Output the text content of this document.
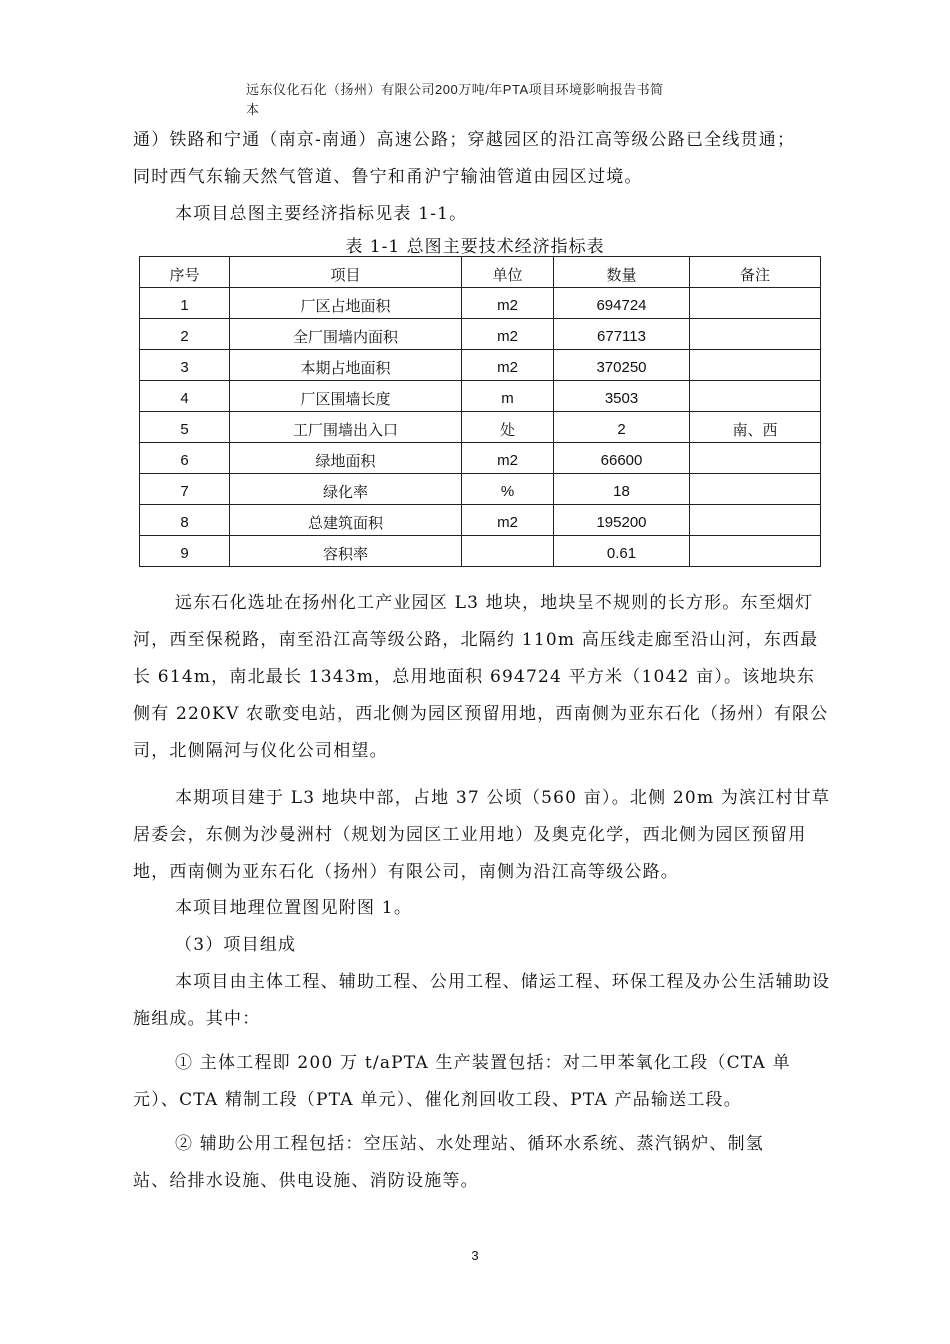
远东仪化石化（扬州）有限公司200万吨/年PTA项目环境影响报告书简
本

通）铁路和宁通（南京-南通）高速公路；穿越园区的沿江高等级公路已全线贯通；

同时西气东输天然气管道、鲁宁和甬沪宁输油管道由园区过境。

本项目总图主要经济指标见表 1-1。

表 1-1 总图主要技术经济指标表
序号	项目	单位	数量	备注
1	厂区占地面积	m2	694724	
2	全厂围墙内面积	m2	677113	
3	本期占地面积	m2	370250	
4	厂区围墙长度	m	3503	
5	工厂围墙出入口	处	2	南、西
6	绿地面积	m2	66600	
7	绿化率	%	18	
8	总建筑面积	m2	195200	
9	容积率		0.61	
远东石化选址在扬州化工产业园区 L3 地块，地块呈不规则的长方形。东至烟灯河，西至保税路，南至沿江高等级公路，北隔约 110m 高压线走廊至沿山河，东西最长 614m，南北最长 1343m，总用地面积 694724 平方米（1042 亩）。该地块东侧有 220KV 农歌变电站，西北侧为园区预留用地，西南侧为亚东石化（扬州）有限公司，北侧隔河与仪化公司相望。
本期项目建于 L3 地块中部，占地 37 公顷（560 亩）。北侧 20m 为滨江村甘草居委会，东侧为沙曼洲村（规划为园区工业用地）及奥克化学，西北侧为园区预留用地，西南侧为亚东石化（扬州）有限公司，南侧为沿江高等级公路。
本项目地理位置图见附图 1。
（3）项目组成
本项目由主体工程、辅助工程、公用工程、储运工程、环保工程及办公生活辅助设施组成。其中：
① 主体工程即 200 万 t/aPTA 生产装置包括：对二甲苯氧化工段（CTA 单元）、CTA 精制工段（PTA 单元）、催化剂回收工段、PTA 产品输送工段。

② 辅助公用工程包括：空压站、水处理站、循环水系统、蒸汽锅炉、制氢

站、给排水设施、供电设施、消防设施等。

3
